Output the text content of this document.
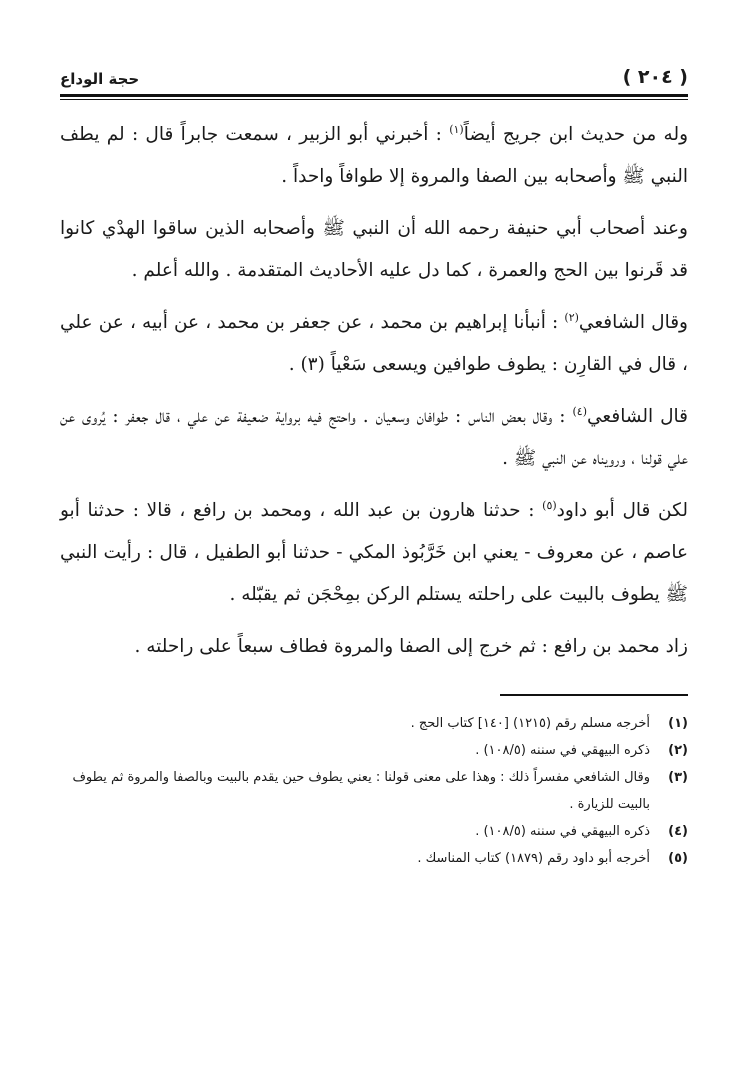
( ٢٠٤ )
حجة الوداع

وله من حديث ابن جريج أيضاً$^{(١)}$ : أخبرني أبو الزبير ، سمعت جابراً قال : لم يطف النبي ﷺ وأصحابه بين الصفا والمروة إلا طوافاً واحداً .

وعند أصحاب أبي حنيفة رحمه الله أن النبي ﷺ وأصحابه الذين ساقوا الهدْي كانوا قد قَرنوا بين الحج والعمرة ، كما دل عليه الأحاديث المتقدمة . والله أعلم .

وقال الشافعي$^{(٢)}$ : أنبأنا إبراهيم بن محمد ، عن جعفر بن محمد ، عن أبيه ، عن علي ، قال في القارِن : يطوف طوافين ويسعى سَعْياً (٣) .

قال الشافعي$^{(٤)}$ : وقال بعض الناس : طوافان وسعيان . واحتج فيه برواية ضعيفة عن علي ، قال جعفر : يُروى عن علي قولنا ، ورويناه عن النبي ﷺ .

لكن قال أبو داود$^{(٥)}$ : حدثنا هارون بن عبد الله ، ومحمد بن رافع ، قالا : حدثنا أبو عاصم ، عن معروف - يعني ابن خَرَّبُوذ المكي - حدثنا أبو الطفيل ، قال : رأيت النبي ﷺ يطوف بالبيت على راحلته يستلم الركن بمِحْجَن ثم يقبّله .

زاد محمد بن رافع : ثم خرج إلى الصفا والمروة فطاف سبعاً على راحلته .

(١)
أخرجه مسلم رقم (١٢١٥) [١٤٠] كتاب الحج .
(٢)
ذكره البيهقي في سننه (١٠٨/٥) .
(٣)
وقال الشافعي مفسراً ذلك : وهذا على معنى قولنا : يعني يطوف حين يقدم بالبيت وبالصفا والمروة ثم يطوف بالبيت للزيارة .
(٤)
ذكره البيهقي في سننه (١٠٨/٥) .
(٥)
أخرجه أبو داود رقم (١٨٧٩) كتاب المناسك .
